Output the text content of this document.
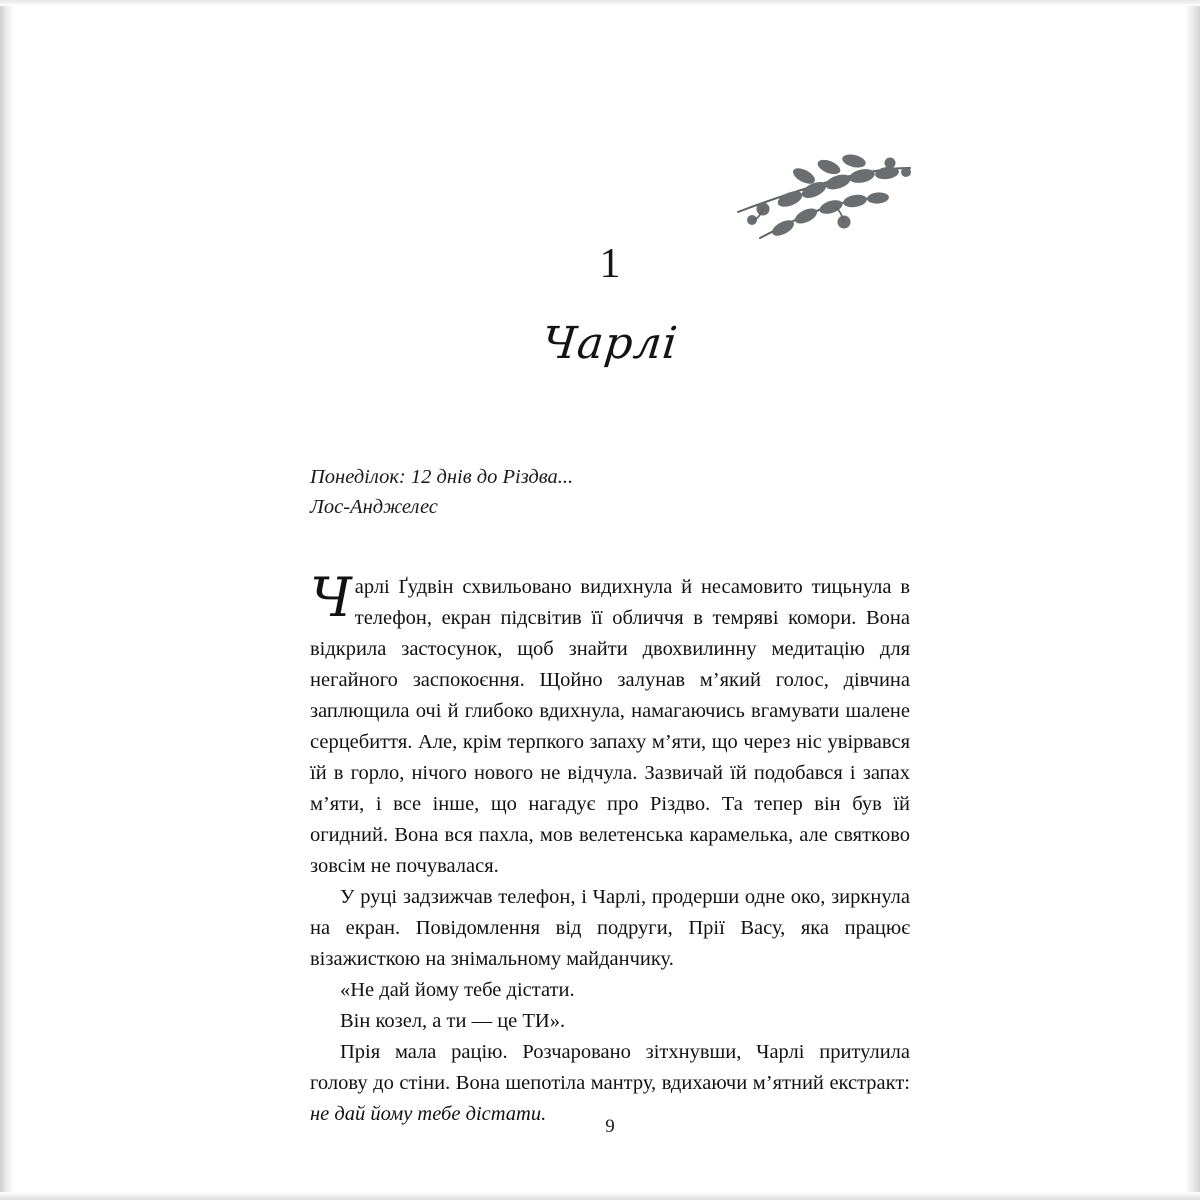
1
Чарлі
Понеділок: 12 днів до Різдва...
Лос-Анджелес

Чарлі Ґудвін схвильовано видихнула й несамовито тицьнула в телефон, екран підсвітив її обличчя в темряві комори. Вона відкрила застосунок, щоб знайти двохвилинну медитацію для негайного заспокоєння. Щойно залунав м’який голос, дівчина заплющила очі й глибоко вдихнула, намагаючись вгамувати шалене серцебиття. Але, крім терпкого запаху м’яти, що через ніс увірвався їй в горло, нічого нового не відчула. Зазвичай їй подобався і запах м’яти, і все інше, що нагадує про Різдво. Та тепер він був їй огидний. Вона вся пахла, мов велетенська карамелька, але святково зовсім не почувалася.

У руці задзижчав телефон, і Чарлі, продерши одне око, зиркнула на екран. Повідомлення від подруги, Прії Васу, яка працює візажисткою на знімальному майданчику.

«Не дай йому тебе дістати.

Він козел, а ти — це ТИ».

Прія мала рацію. Розчаровано зітхнувши, Чарлі притулила голову до стіни. Вона шепотіла мантру, вдихаючи м’ятний екстракт: не дай йому тебе дістати.

9
